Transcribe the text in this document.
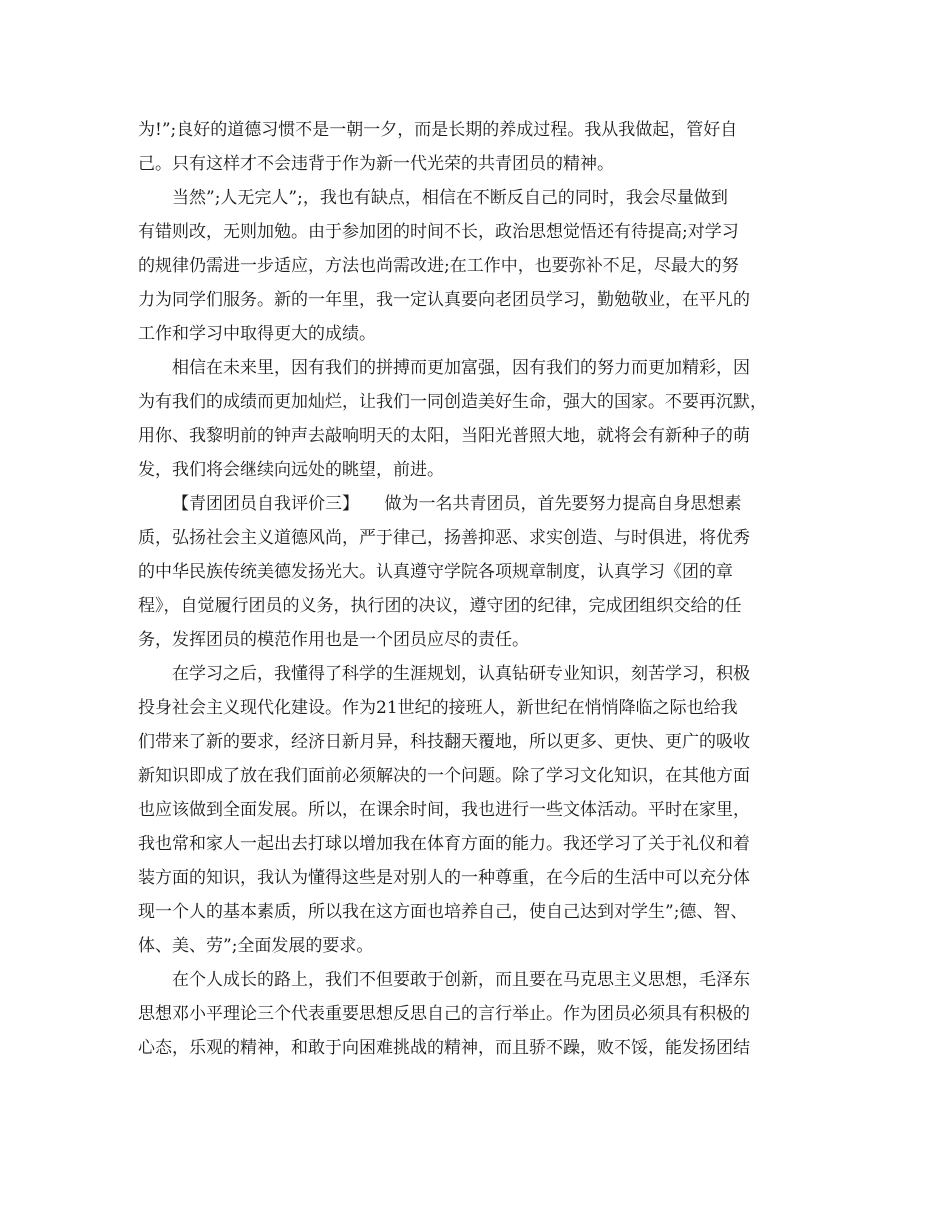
为!”;良好的道德习惯不是一朝一夕，而是长期的养成过程。我从我做起，管好自
己。只有这样才不会违背于作为新一代光荣的共青团员的精神。
当然”;人无完人”;，我也有缺点，相信在不断反自己的同时，我会尽量做到
有错则改，无则加勉。由于参加团的时间不长，政治思想觉悟还有待提高;对学习
的规律仍需进一步适应，方法也尚需改进;在工作中，也要弥补不足，尽最大的努
力为同学们服务。新的一年里，我一定认真要向老团员学习，勤勉敬业，在平凡的
工作和学习中取得更大的成绩。
相信在未来里，因有我们的拼搏而更加富强，因有我们的努力而更加精彩，因
为有我们的成绩而更加灿烂，让我们一同创造美好生命，强大的国家。不要再沉默，
用你、我黎明前的钟声去敲响明天的太阳，当阳光普照大地，就将会有新种子的萌
发，我们将会继续向远处的眺望，前进。
【青团团员自我评价三】　　做为一名共青团员，首先要努力提高自身思想素
质，弘扬社会主义道德风尚，严于律己，扬善抑恶、求实创造、与时俱进，将优秀
的中华民族传统美德发扬光大。认真遵守学院各项规章制度，认真学习《团的章
程》，自觉履行团员的义务，执行团的决议，遵守团的纪律，完成团组织交给的任
务，发挥团员的模范作用也是一个团员应尽的责任。
在学习之后，我懂得了科学的生涯规划，认真钻研专业知识，刻苦学习，积极
投身社会主义现代化建设。作为21世纪的接班人，新世纪在悄悄降临之际也给我
们带来了新的要求，经济日新月异，科技翻天覆地，所以更多、更快、更广的吸收
新知识即成了放在我们面前必须解决的一个问题。除了学习文化知识，在其他方面
也应该做到全面发展。所以，在课余时间，我也进行一些文体活动。平时在家里，
我也常和家人一起出去打球以增加我在体育方面的能力。我还学习了关于礼仪和着
装方面的知识，我认为懂得这些是对别人的一种尊重，在今后的生活中可以充分体
现一个人的基本素质，所以我在这方面也培养自己，使自己达到对学生”;德、智、
体、美、劳”;全面发展的要求。
在个人成长的路上，我们不但要敢于创新，而且要在马克思主义思想，毛泽东
思想邓小平理论三个代表重要思想反思自己的言行举止。作为团员必须具有积极的
心态，乐观的精神，和敢于向困难挑战的精神，而且骄不躁，败不馁，能发扬团结
